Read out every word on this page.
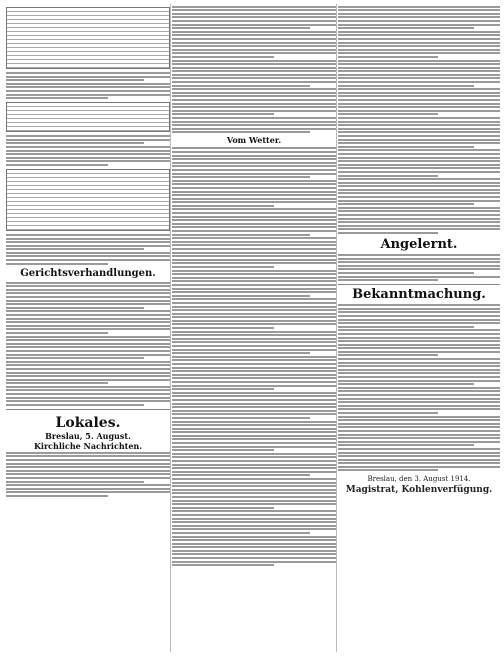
Gerichtsverhandlungen.
Lokales.
Breslau, 5. August.
Kirchliche Nachrichten.
Vom Wetter.
Angelernt.
Bekanntmachung.
Breslau, den 3. August 1914.
Magistrat, Kohlenverfügung.
